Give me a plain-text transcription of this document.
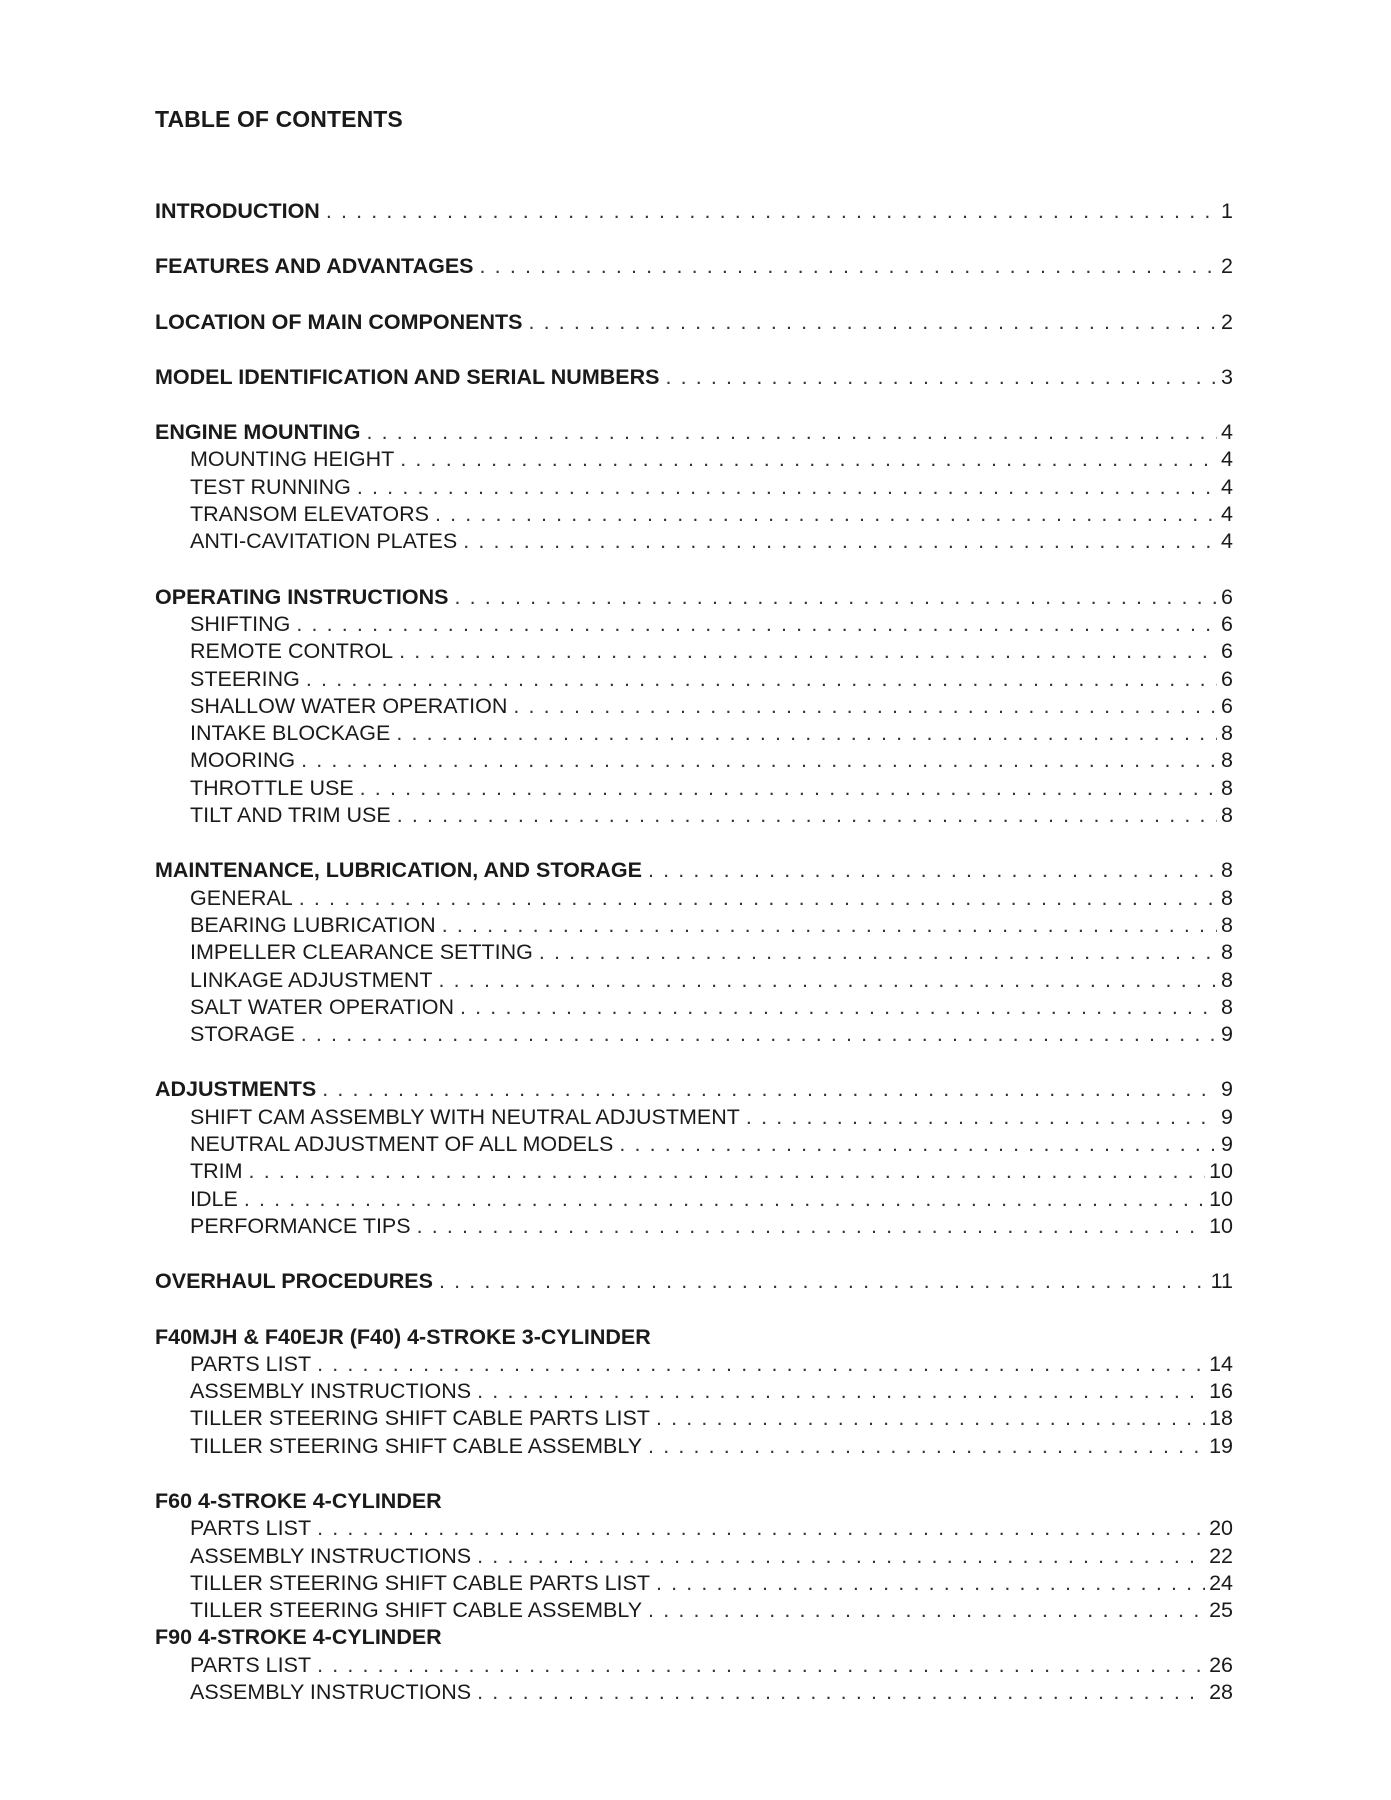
TABLE OF CONTENTS
INTRODUCTION . . .	1
FEATURES AND ADVANTAGES . . .	2
LOCATION OF MAIN COMPONENTS . . .	2
MODEL IDENTIFICATION AND SERIAL NUMBERS . . .	3
ENGINE MOUNTING . . .	4
MOUNTING HEIGHT . . .	4
TEST RUNNING . . .	4
TRANSOM ELEVATORS . . .	4
ANTI-CAVITATION PLATES . . .	4
OPERATING INSTRUCTIONS . . .	6
SHIFTING . . .	6
REMOTE CONTROL . . .	6
STEERING . . .	6
SHALLOW WATER OPERATION . . .	6
INTAKE BLOCKAGE . . .	8
MOORING . . .	8
THROTTLE USE . . .	8
TILT AND TRIM USE . . .	8
MAINTENANCE, LUBRICATION, AND STORAGE . . .	8
GENERAL . . .	8
BEARING LUBRICATION . . .	8
IMPELLER CLEARANCE SETTING . . .	8
LINKAGE ADJUSTMENT . . .	8
SALT WATER OPERATION . . .	8
STORAGE . . .	9
ADJUSTMENTS . . .	9
SHIFT CAM ASSEMBLY WITH NEUTRAL ADJUSTMENT . . .	9
NEUTRAL ADJUSTMENT OF ALL MODELS . . .	9
TRIM . . .	10
IDLE . . .	10
PERFORMANCE TIPS . . .	10
OVERHAUL PROCEDURES . . .	11
F40MJH & F40EJR (F40) 4-STROKE 3-CYLINDER
PARTS LIST . . .	14
ASSEMBLY INSTRUCTIONS . . .	16
TILLER STEERING SHIFT CABLE PARTS LIST . . .	18
TILLER STEERING SHIFT CABLE ASSEMBLY . . .	19
F60 4-STROKE 4-CYLINDER
PARTS LIST . . .	20
ASSEMBLY INSTRUCTIONS . . .	22
TILLER STEERING SHIFT CABLE PARTS LIST . . .	24
TILLER STEERING SHIFT CABLE ASSEMBLY . . .	25
F90 4-STROKE 4-CYLINDER
PARTS LIST . . .	26
ASSEMBLY INSTRUCTIONS . . .	28
